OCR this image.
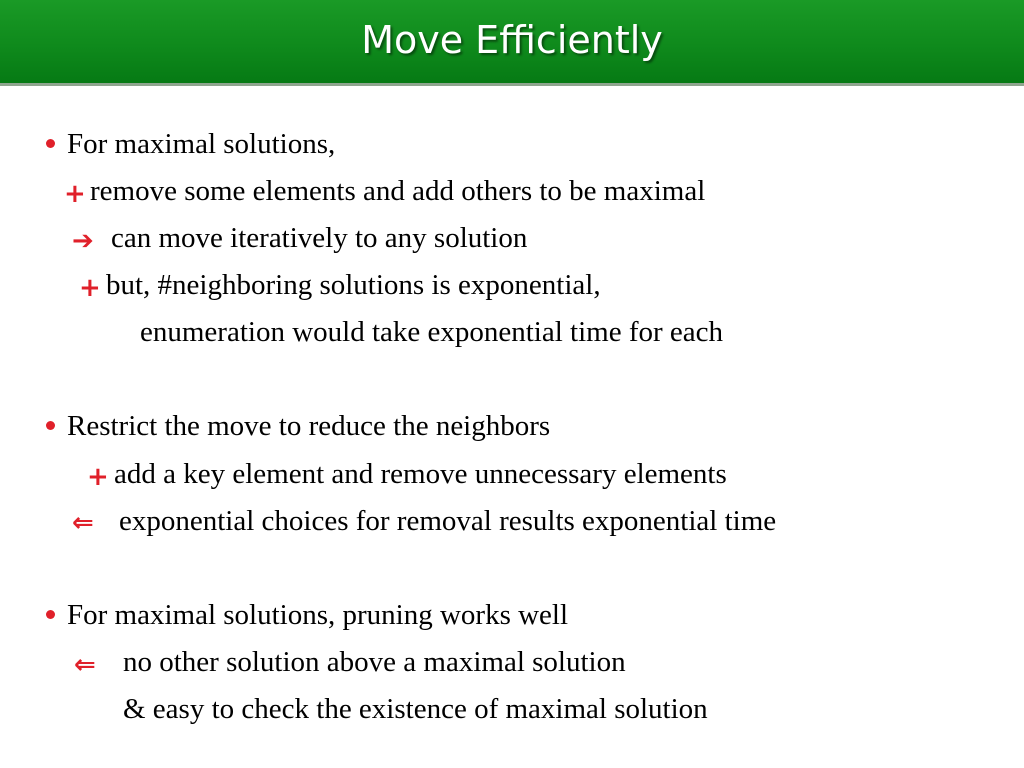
Move Efficiently
For maximal solutions,
+ remove some elements and add others to be maximal
➔ can move iteratively to any solution
+ but, #neighboring solutions is exponential,
enumeration would take exponential time for each
Restrict the move to reduce the neighbors
+ add a key element and remove unnecessary elements
⇐ exponential choices for removal results exponential time
For maximal solutions, pruning works well
⇐ no other solution above a maximal solution
& easy to check the existence of maximal solution
